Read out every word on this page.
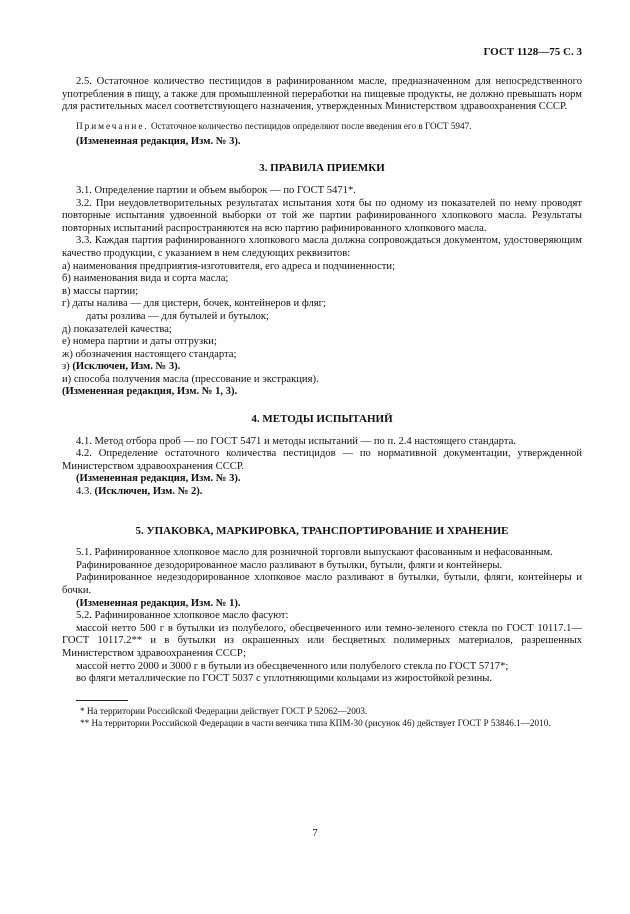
ГОСТ 1128—75 С. 3

2.5. Остаточное количество пестицидов в рафинированном масле, предназначенном для непосредственного употребления в пищу, а также для промышленной переработки на пищевые продукты, не должно превышать норм для растительных масел соответствующего назначения, утвержденных Министерством здравоохранения СССР.

Примечание. Остаточное количество пестицидов определяют после введения его в ГОСТ 5947.

(Измененная редакция, Изм. № 3).

3. ПРАВИЛА ПРИЕМКИ

3.1. Определение партии и объем выборок — по ГОСТ 5471*.

3.2. При неудовлетворительных результатах испытания хотя бы по одному из показателей по нему проводят повторные испытания удвоенной выборки от той же партии рафинированного хлопкового масла. Результаты повторных испытаний распространяются на всю партию рафинированного хлопкового масла.

3.3. Каждая партия рафинированного хлопкового масла должна сопровождаться документом, удостоверяющим качество продукции, с указанием в нем следующих реквизитов:

а) наименования предприятия-изготовителя, его адреса и подчиненности;

б) наименования вида и сорта масла;

в) массы партии;

г) даты налива — для цистерн, бочек, контейнеров и фляг;

даты розлива — для бутылей и бутылок;

д) показателей качества;

е) номера партии и даты отгрузки;

ж) обозначения настоящего стандарта;

з) (Исключен, Изм. № 3).

и) способа получения масла (прессование и экстракция).

(Измененная редакция, Изм. № 1, 3).

4. МЕТОДЫ ИСПЫТАНИЙ

4.1. Метод отбора проб — по ГОСТ 5471 и методы испытаний — по п. 2.4 настоящего стандарта.

4.2. Определение остаточного количества пестицидов — по нормативной документации, утвержденной Министерством здравоохранения СССР.

(Измененная редакция, Изм. № 3).

4.3. (Исключен, Изм. № 2).

5. УПАКОВКА, МАРКИРОВКА, ТРАНСПОРТИРОВАНИЕ И ХРАНЕНИЕ

5.1. Рафинированное хлопковое масло для розничной торговли выпускают фасованным и нефасованным.

Рафинированное дезодорированное масло разливают в бутылки, бутыли, фляги и контейнеры.

Рафинированное недезодорированное хлопковое масло разливают в бутылки, бутыли, фляги, контейнеры и бочки.

(Измененная редакция, Изм. № 1).

5.2. Рафинированное хлопковое масло фасуют:

массой нетто 500 г в бутылки из полубелого, обесцвеченного или темно-зеленого стекла по ГОСТ 10117.1—ГОСТ 10117.2** и в бутылки из окрашенных или бесцветных полимерных материалов, разрешенных Министерством здравоохранения СССР;

массой нетто 2000 и 3000 г в бутыли из обесцвеченного или полубелого стекла по ГОСТ 5717*;

во фляги металлические по ГОСТ 5037 с уплотняющими кольцами из жиростойкой резины.

* На территории Российской Федерации действует ГОСТ Р 52062—2003.

** На территории Российской Федерации в части венчика типа КПМ-30 (рисунок 46) действует ГОСТ Р 53846.1—2010.

7
